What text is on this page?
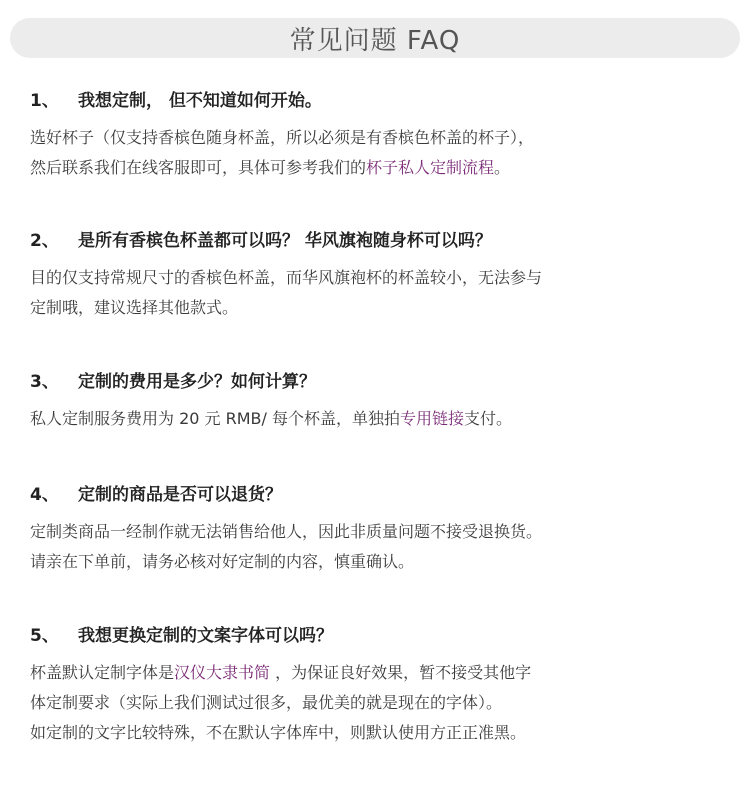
常见问题 FAQ
1、	我想定制， 但不知道如何开始。
选好杯子（仅支持香槟色随身杯盖，所以必须是有香槟色杯盖的杯子），
然后联系我们在线客服即可，具体可参考我们的杯子私人定制流程。
2、	是所有香槟色杯盖都可以吗？ 华风旗袍随身杯可以吗？
目的仅支持常规尺寸的香槟色杯盖，而华风旗袍杯的杯盖较小，无法参与
定制哦，建议选择其他款式。
3、	定制的费用是多少？如何计算？
私人定制服务费用为 20 元 RMB/ 每个杯盖，单独拍专用链接支付。
4、	定制的商品是否可以退货？
定制类商品一经制作就无法销售给他人，因此非质量问题不接受退换货。
请亲在下单前，请务必核对好定制的内容，慎重确认。
5、	我想更换定制的文案字体可以吗？
杯盖默认定制字体是汉仪大隶书简 ，为保证良好效果，暂不接受其他字
体定制要求（实际上我们测试过很多，最优美的就是现在的字体）。
如定制的文字比较特殊，不在默认字体库中，则默认使用方正正准黑。
